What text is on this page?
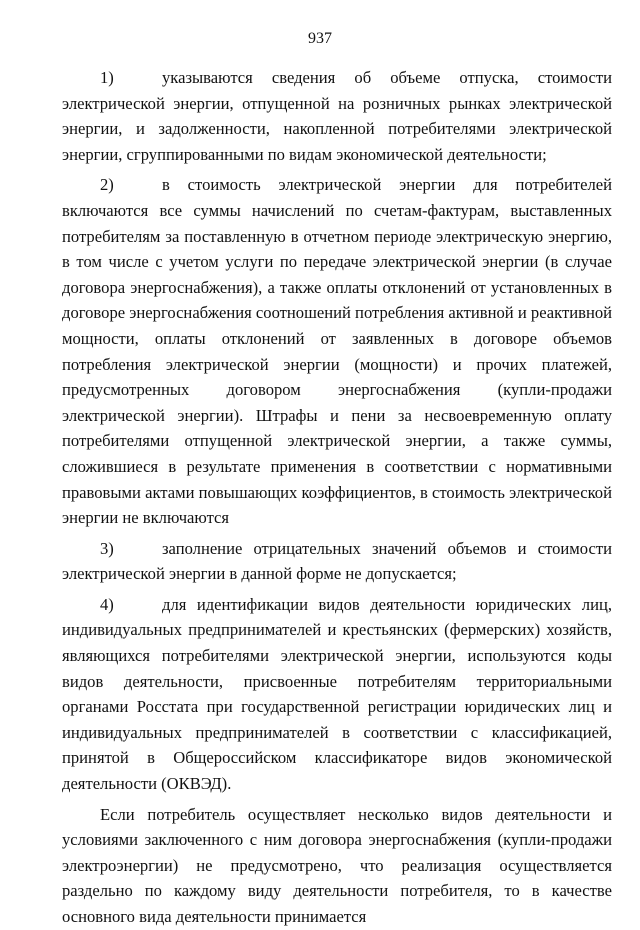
937

1)	указываются сведения об объеме отпуска, стоимости электрической энергии, отпущенной на розничных рынках электрической энергии, и задолженности, накопленной потребителями электрической энергии, сгруппированными по видам экономической деятельности;

2)	в стоимость электрической энергии для потребителей включаются все суммы начислений по счетам-фактурам, выставленных потребителям за поставленную в отчетном периоде электрическую энергию, в том числе с учетом услуги по передаче электрической энергии (в случае договора энергоснабжения), а также оплаты отклонений от установленных в договоре энергоснабжения соотношений потребления активной и реактивной мощности, оплаты отклонений от заявленных в договоре объемов потребления электрической энергии (мощности) и прочих платежей, предусмотренных договором энергоснабжения (купли-продажи электрической энергии). Штрафы и пени за несвоевременную оплату потребителями отпущенной электрической энергии, а также суммы, сложившиеся в результате применения в соответствии с нормативными правовыми актами повышающих коэффициентов, в стоимость электрической энергии не включаются

3)	заполнение отрицательных значений объемов и стоимости электрической энергии в данной форме не допускается;

4)	для идентификации видов деятельности юридических лиц, индивидуальных предпринимателей и крестьянских (фермерских) хозяйств, являющихся потребителями электрической энергии, используются коды видов деятельности, присвоенные потребителям территориальными органами Росстата при государственной регистрации юридических лиц и индивидуальных предпринимателей в соответствии с классификацией, принятой в Общероссийском классификаторе видов экономической деятельности (ОКВЭД).

Если потребитель осуществляет несколько видов деятельности и условиями заключенного с ним договора энергоснабжения (купли-продажи электроэнергии) не предусмотрено, что реализация осуществляется раздельно по каждому виду деятельности потребителя, то в качестве основного вида деятельности принимается
